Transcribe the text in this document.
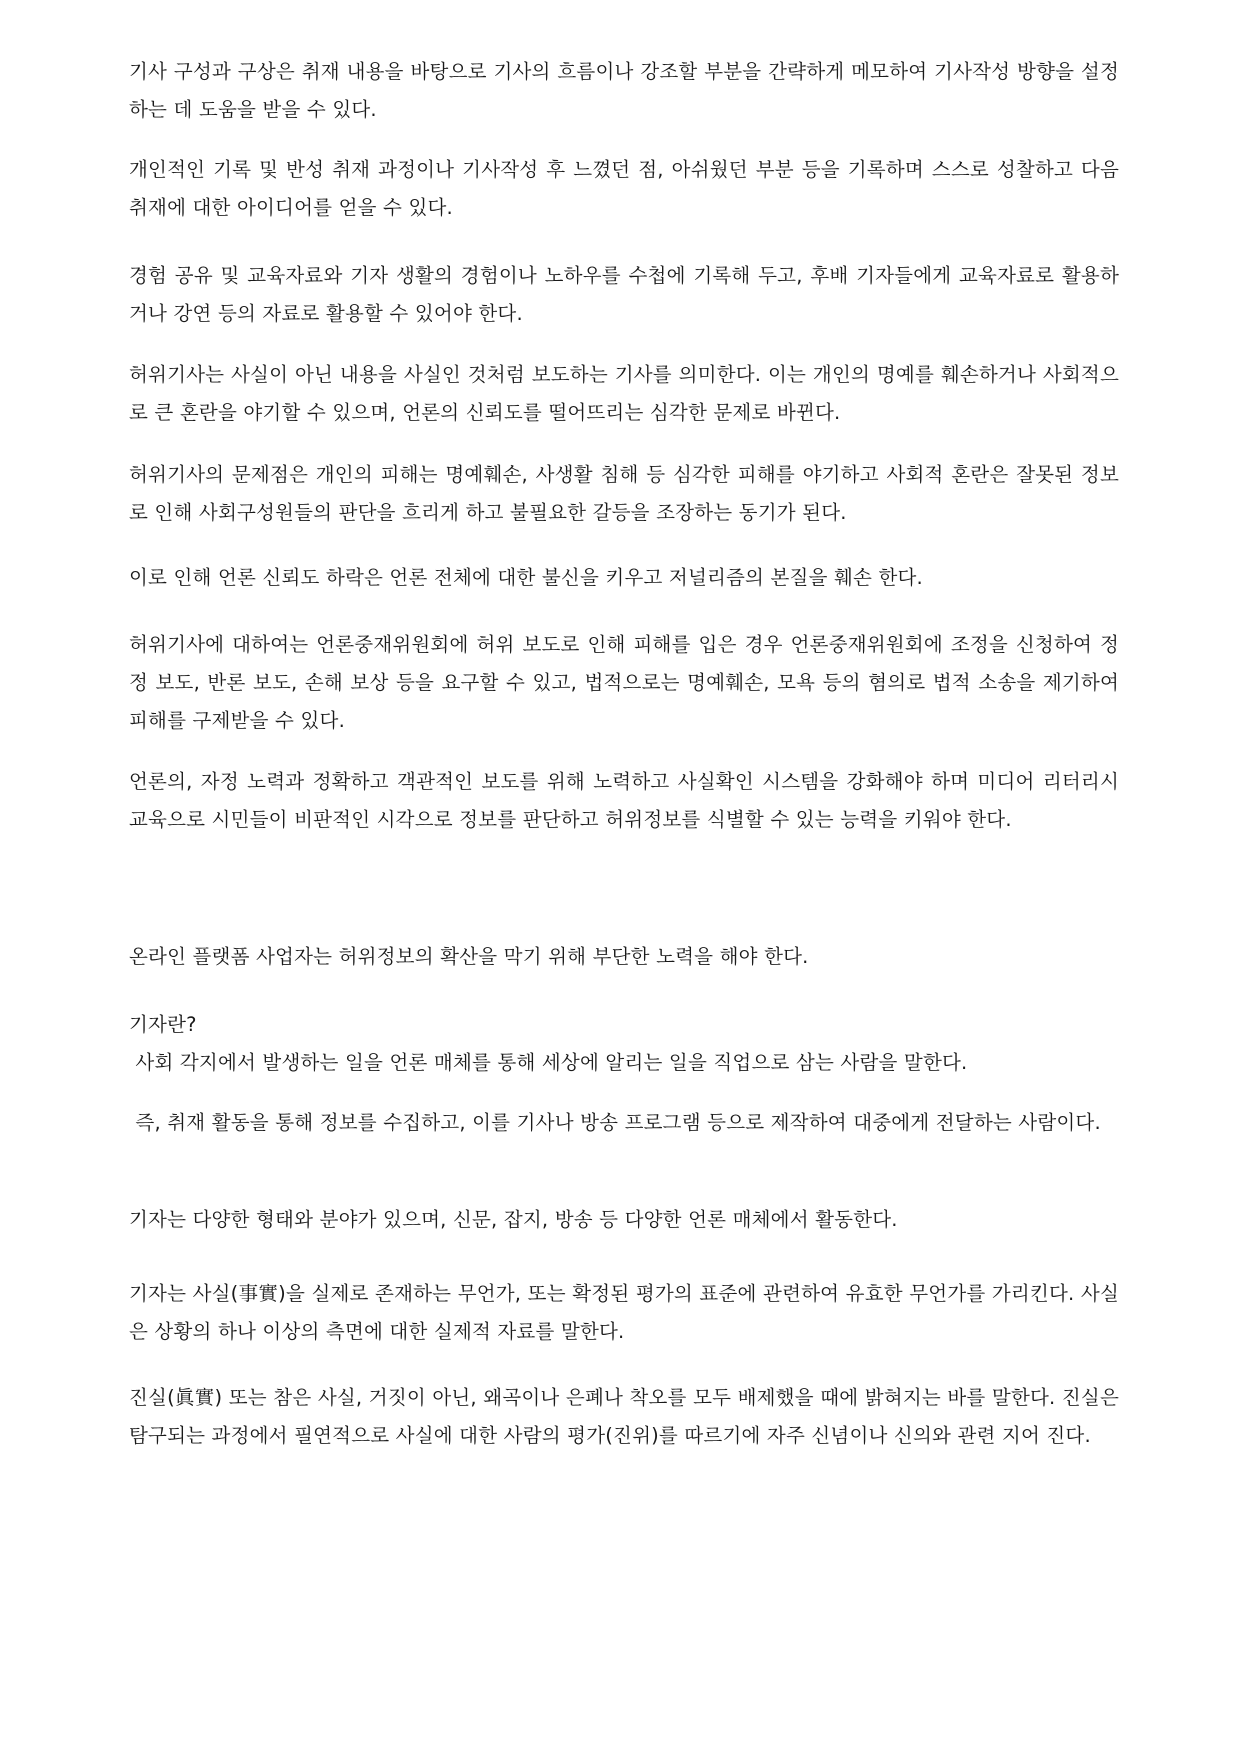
기사 구성과 구상은 취재 내용을 바탕으로 기사의 흐름이나 강조할 부분을 간략하게 메모하여 기사작성 방향을 설정하는 데 도움을 받을 수 있다.

개인적인 기록 및 반성 취재 과정이나 기사작성 후 느꼈던 점, 아쉬웠던 부분 등을 기록하며 스스로 성찰하고 다음 취재에 대한 아이디어를 얻을 수 있다.

경험 공유 및 교육자료와 기자 생활의 경험이나 노하우를 수첩에 기록해 두고, 후배 기자들에게 교육자료로 활용하거나 강연 등의 자료로 활용할 수 있어야 한다.

허위기사는 사실이 아닌 내용을 사실인 것처럼 보도하는 기사를 의미한다. 이는 개인의 명예를 훼손하거나 사회적으로 큰 혼란을 야기할 수 있으며, 언론의 신뢰도를 떨어뜨리는 심각한 문제로 바뀐다.

허위기사의 문제점은 개인의 피해는 명예훼손, 사생활 침해 등 심각한 피해를 야기하고 사회적 혼란은 잘못된 정보로 인해 사회구성원들의 판단을 흐리게 하고 불필요한 갈등을 조장하는 동기가 된다.

이로 인해 언론 신뢰도 하락은 언론 전체에 대한 불신을 키우고 저널리즘의 본질을 훼손 한다.

허위기사에 대하여는 언론중재위원회에 허위 보도로 인해 피해를 입은 경우 언론중재위원회에 조정을 신청하여 정정 보도, 반론 보도, 손해 보상 등을 요구할 수 있고, 법적으로는 명예훼손, 모욕 등의 혐의로 법적 소송을 제기하여 피해를 구제받을 수 있다.

언론의, 자정 노력과 정확하고 객관적인 보도를 위해 노력하고 사실확인 시스템을 강화해야 하며 미디어 리터리시 교육으로 시민들이 비판적인 시각으로 정보를 판단하고 허위정보를 식별할 수 있는 능력을 키워야 한다.

온라인 플랫폼 사업자는 허위정보의 확산을 막기 위해 부단한 노력을 해야 한다.

기자란?
사회 각지에서 발생하는 일을 언론 매체를 통해 세상에 알리는 일을 직업으로 삼는 사람을 말한다.

즉, 취재 활동을 통해 정보를 수집하고, 이를 기사나 방송 프로그램 등으로 제작하여 대중에게 전달하는 사람이다.

기자는 다양한 형태와 분야가 있으며, 신문, 잡지, 방송 등 다양한 언론 매체에서 활동한다.

기자는 사실(事實)을 실제로 존재하는 무언가, 또는 확정된 평가의 표준에 관련하여 유효한 무언가를 가리킨다. 사실은 상황의 하나 이상의 측면에 대한 실제적 자료를 말한다.

진실(眞實) 또는 참은 사실, 거짓이 아닌, 왜곡이나 은폐나 착오를 모두 배제했을 때에 밝혀지는 바를 말한다. 진실은 탐구되는 과정에서 필연적으로 사실에 대한 사람의 평가(진위)를 따르기에 자주 신념이나 신의와 관련 지어 진다.
